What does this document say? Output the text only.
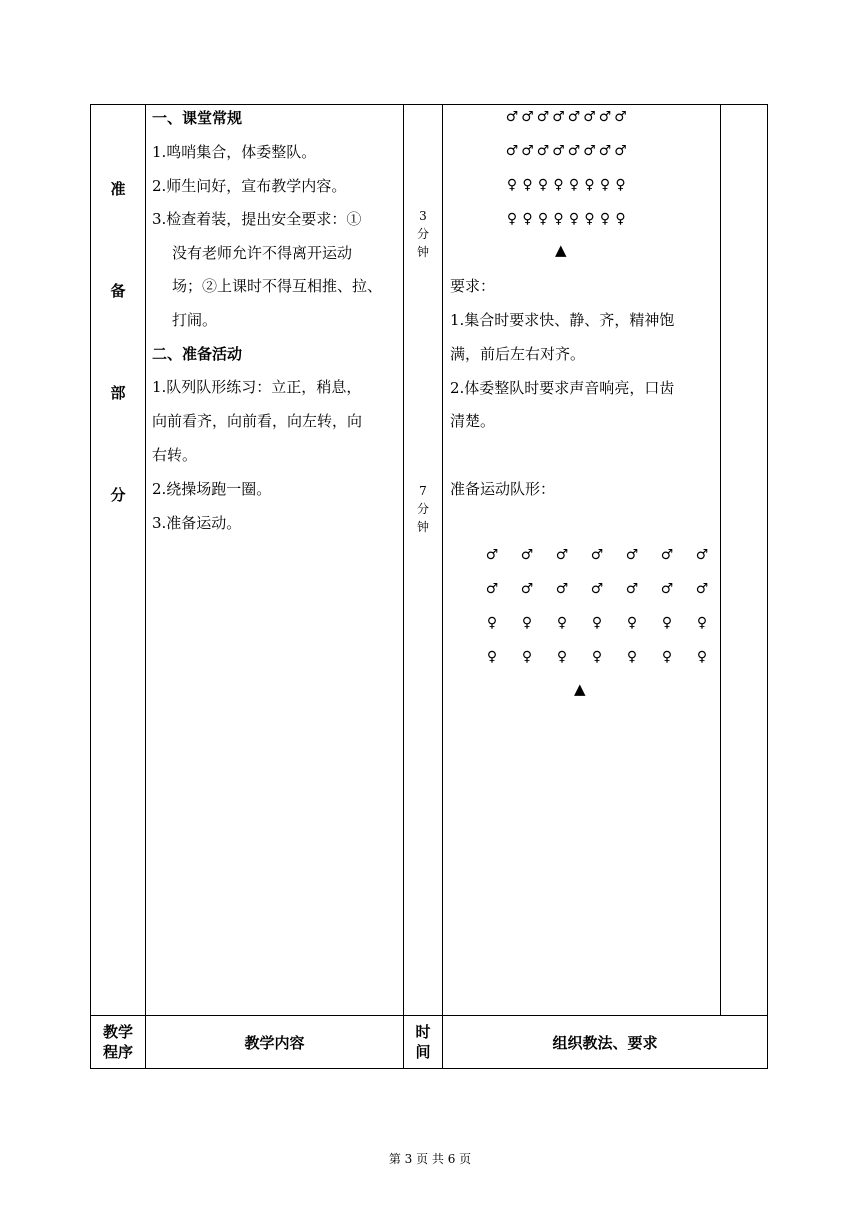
准
备
部
分
一、课堂常规
1.鸣哨集合，体委整队。
2.师生问好，宣布教学内容。
3.检查着装，提出安全要求：①
没有老师允许不得离开运动
场；②上课时不得互相推、拉、
打闹。
二、准备活动
1.队列队形练习：立正，稍息，
向前看齐，向前看，向左转，向
右转。
2.绕操场跑一圈。
3.准备运动。
3
分
钟
7
分
钟
♂ ♂ ♂ ♂ ♂ ♂ ♂ ♂
♂ ♂ ♂ ♂ ♂ ♂ ♂ ♂
♀ ♀ ♀ ♀ ♀ ♀ ♀ ♀
♀ ♀ ♀ ♀ ♀ ♀ ♀ ♀
▲
要求：
1.集合时要求快、静、齐，精神饱
满，前后左右对齐。
2.体委整队时要求声音响亮，口齿
清楚。
准备运动队形：
♂ ♂ ♂ ♂ ♂ ♂ ♂
♂ ♂ ♂ ♂ ♂ ♂ ♂
♀ ♀ ♀ ♀ ♀ ♀ ♀
♀ ♀ ♀ ♀ ♀ ♀ ♀
▲
教学
程序	教学内容
时
间	组织教法、要求
第 3 页 共 6 页
